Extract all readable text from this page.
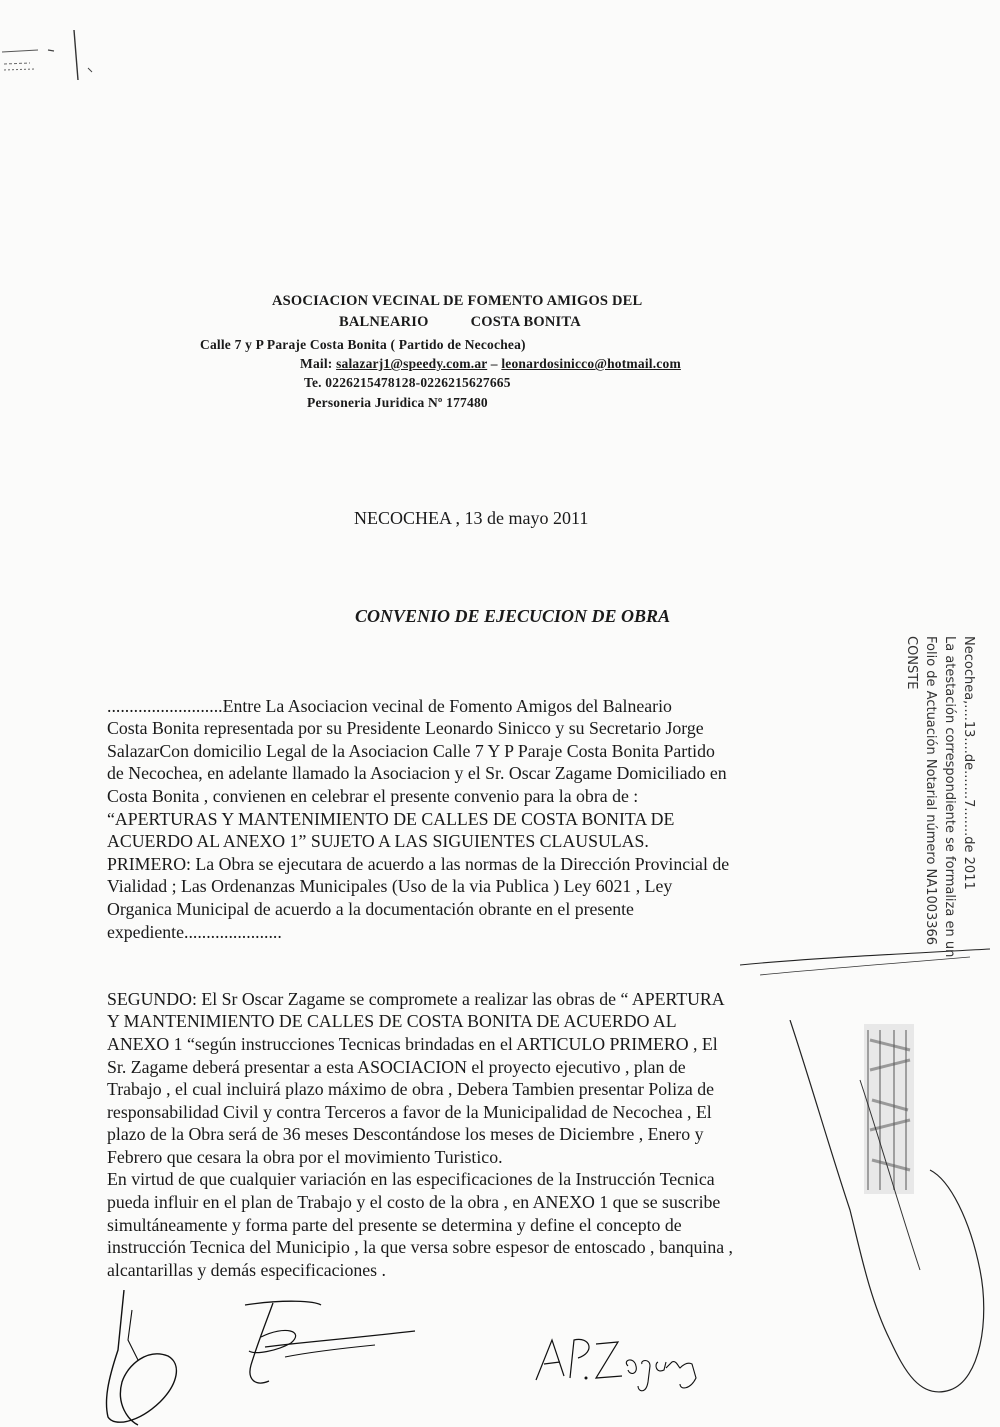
ASOCIACION VECINAL DE FOMENTO AMIGOS DEL
BALNEARIO	COSTA BONITA
Calle 7 y P Paraje Costa Bonita ( Partido de Necochea)
Mail: salazarj1@speedy.com.ar – leonardosinicco@hotmail.com
Te. 0226215478128-0226215627665
Personeria Juridica Nº 177480
NECOCHEA , 13 de mayo 2011
CONVENIO DE EJECUCION DE OBRA

..........................Entre La Asociacion vecinal de Fomento Amigos del Balneario
Costa Bonita representada por su Presidente Leonardo Sinicco y su Secretario Jorge
SalazarCon domicilio Legal de la Asociacion Calle 7 Y P Paraje Costa Bonita Partido
de Necochea, en adelante llamado la Asociacion y el Sr. Oscar Zagame Domiciliado en
Costa Bonita , convienen en celebrar el presente convenio para la obra de :
“APERTURAS Y MANTENIMIENTO DE CALLES DE COSTA BONITA DE
ACUERDO AL ANEXO 1” SUJETO A LAS SIGUIENTES CLAUSULAS.
PRIMERO: La Obra se ejecutara de acuerdo a las normas de la Dirección Provincial de
Vialidad ; Las Ordenanzas Municipales (Uso de la via Publica ) Ley 6021 , Ley
Organica Municipal de acuerdo a la documentación obrante en el presente
expediente......................

SEGUNDO: El Sr Oscar Zagame se compromete a realizar las obras de “ APERTURA
Y MANTENIMIENTO DE CALLES DE COSTA BONITA DE ACUERDO AL
ANEXO 1 “según instrucciones Tecnicas brindadas en el ARTICULO PRIMERO , El
Sr. Zagame deberá presentar a esta ASOCIACION el proyecto ejecutivo , plan de
Trabajo , el cual incluirá plazo máximo de obra , Debera Tambien presentar Poliza de
responsabilidad Civil y contra Terceros a favor de la Municipalidad de Necochea , El
plazo de la Obra será de 36 meses Descontándose los meses de Diciembre , Enero y
Febrero que cesara la obra por el movimiento Turistico.
En virtud de que cualquier variación en las especificaciones de la Instrucción Tecnica
pueda influir en el plan de Trabajo y el costo de la obra , en ANEXO 1 que se suscribe
simultáneamente y forma parte del presente se determina y define el concepto de
instrucción Tecnica del Municipio , la que versa sobre espesor de entoscado , banquina ,
alcantarillas y demás especificaciones .

Necochea,....13....de.......7.......de 2011
La atestación correspondiente se formaliza en un
Folio de Actuación Notarial número NA1003366
CONSTE
